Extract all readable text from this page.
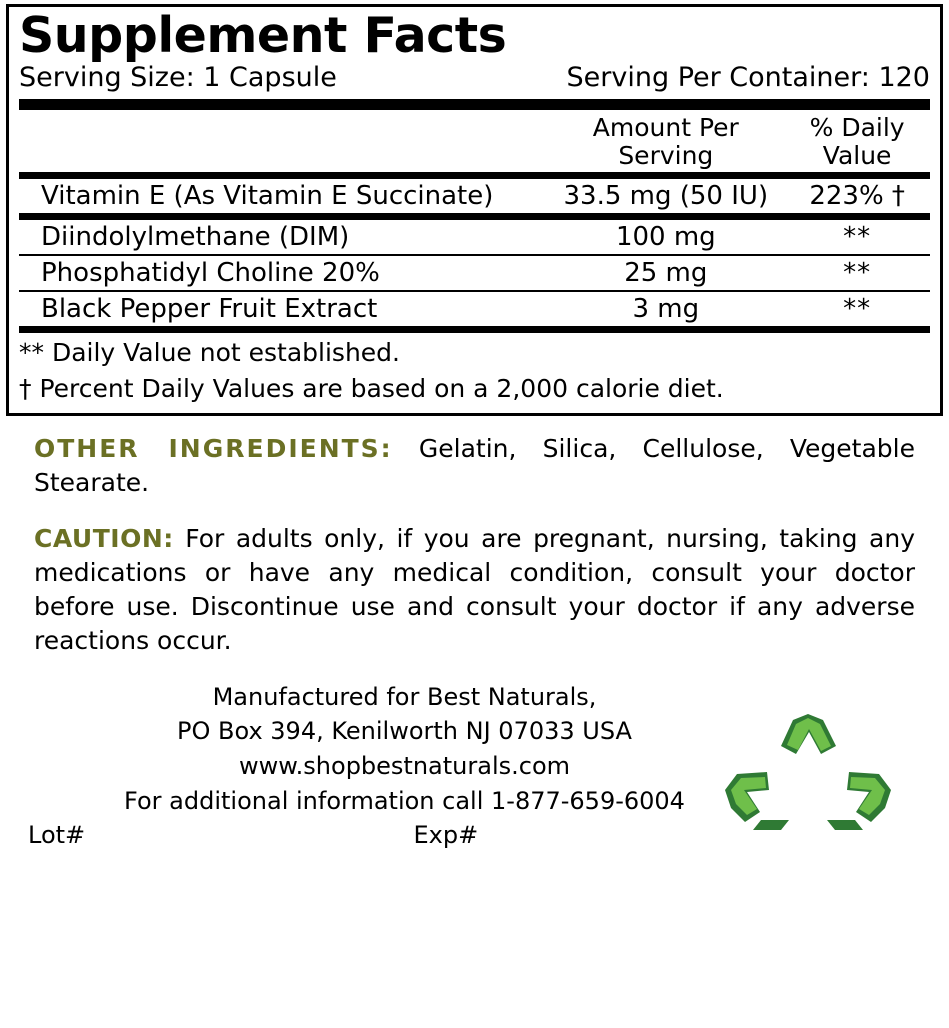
Supplement Facts
Serving Size: 1 Capsule	Serving Per Container: 120

Amount Per
Serving

% Daily
Value
Vitamin E (As Vitamin E Succinate)	33.5 mg (50 IU)	223% †
Diindolylmethane (DIM)	100 mg	**
Phosphatidyl Choline 20%	25 mg	**
Black Pepper Fruit Extract	3 mg	**
** Daily Value not established.
† Percent Daily Values are based on a 2,000 calorie diet.
OTHER INGREDIENTS: Gelatin, Silica, Cellulose, Vegetable Stearate.
CAUTION: For adults only, if you are pregnant, nursing, taking any medications or have any medical condition, consult your doctor before use. Discontinue use and consult your doctor if any adverse reactions occur.
Manufactured for Best Naturals,
PO Box 394, Kenilworth NJ 07033 USA
www.shopbestnaturals.com
For additional information call 1-877-659-6004
Lot#	Exp#
